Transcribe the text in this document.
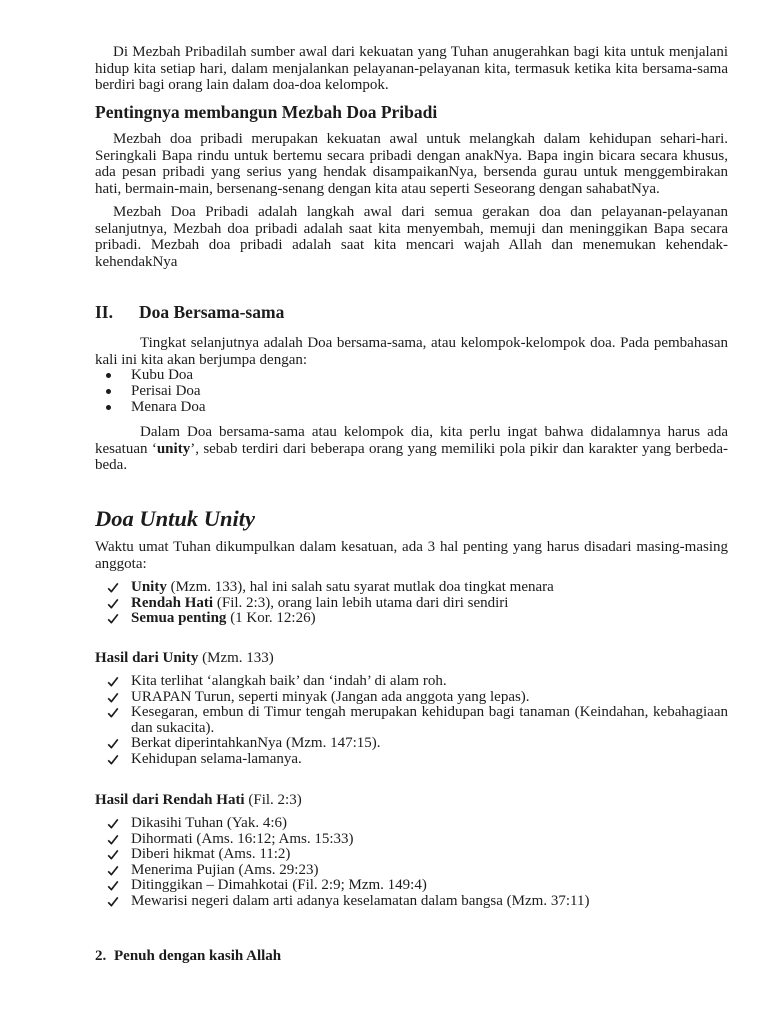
Di Mezbah Pribadilah sumber awal dari kekuatan yang Tuhan anugerahkan bagi kita untuk menjalani hidup kita setiap hari, dalam menjalankan pelayanan-pelayanan kita, termasuk ketika kita bersama-sama berdiri bagi orang lain dalam doa-doa kelompok.

Pentingnya membangun Mezbah Doa Pribadi

Mezbah doa pribadi merupakan kekuatan awal untuk melangkah dalam kehidupan sehari-hari. Seringkali Bapa rindu untuk bertemu secara pribadi dengan anakNya. Bapa ingin bicara secara khusus, ada pesan pribadi yang serius yang hendak disampaikanNya, bersenda gurau untuk menggembirakan hati, bermain-main, bersenang-senang dengan kita atau seperti Seseorang dengan sahabatNya.

Mezbah Doa Pribadi adalah langkah awal dari semua gerakan doa dan pelayanan-pelayanan selanjutnya, Mezbah doa pribadi adalah saat kita menyembah, memuji dan meninggikan Bapa secara pribadi. Mezbah doa pribadi adalah saat kita mencari wajah Allah dan menemukan kehendak-kehendakNya

II. Doa Bersama-sama

Tingkat selanjutnya adalah Doa bersama-sama, atau kelompok-kelompok doa. Pada pembahasan kali ini kita akan berjumpa dengan:

Kubu Doa
Perisai Doa
Menara Doa

Dalam Doa bersama-sama atau kelompok dia, kita perlu ingat bahwa didalamnya harus ada kesatuan ‘unity’, sebab terdiri dari beberapa orang yang memiliki pola pikir dan karakter yang berbeda-beda.

Doa Untuk Unity

Waktu umat Tuhan dikumpulkan dalam kesatuan, ada 3 hal penting yang harus disadari masing-masing anggota:

Unity (Mzm. 133), hal ini salah satu syarat mutlak doa tingkat menara
Rendah Hati (Fil. 2:3), orang lain lebih utama dari diri sendiri
Semua penting (1 Kor. 12:26)
Hasil dari Unity (Mzm. 133)
Kita terlihat ‘alangkah baik’ dan ‘indah’ di alam roh.
URAPAN Turun, seperti minyak (Jangan ada anggota yang lepas).
Kesegaran, embun di Timur tengah merupakan kehidupan bagi tanaman (Keindahan, kebahagiaan dan sukacita).
Berkat diperintahkanNya (Mzm. 147:15).
Kehidupan selama-lamanya.
Hasil dari Rendah Hati (Fil. 2:3)
Dikasihi Tuhan (Yak. 4:6)
Dihormati (Ams. 16:12; Ams. 15:33)
Diberi hikmat (Ams. 11:2)
Menerima Pujian (Ams. 29:23)
Ditinggikan – Dimahkotai (Fil. 2:9; Mzm. 149:4)
Mewarisi negeri dalam arti adanya keselamatan dalam bangsa (Mzm. 37:11)
2. Penuh dengan kasih Allah
